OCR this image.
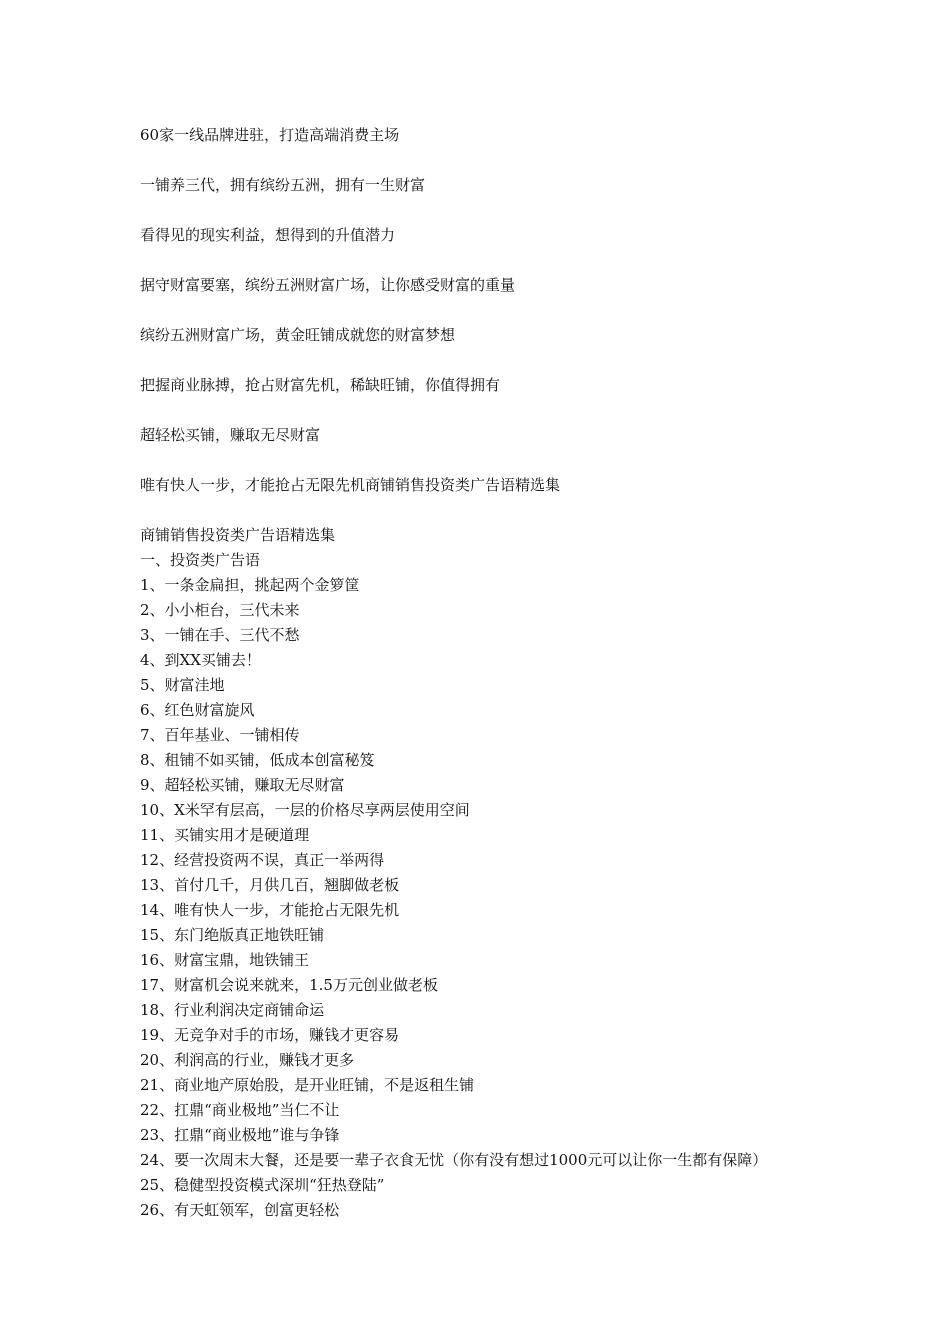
60家一线品牌进驻，打造高端消费主场
一铺养三代，拥有缤纷五洲，拥有一生财富
看得见的现实利益，想得到的升值潜力
据守财富要塞，缤纷五洲财富广场，让你感受财富的重量
缤纷五洲财富广场，黄金旺铺成就您的财富梦想
把握商业脉搏，抢占财富先机，稀缺旺铺，你值得拥有
超轻松买铺，赚取无尽财富
唯有快人一步，才能抢占无限先机商铺销售投资类广告语精选集
商铺销售投资类广告语精选集
一、投资类广告语
1、一条金扁担，挑起两个金箩筐
2、小小柜台，三代未来
3、一铺在手、三代不愁
4、到XX买铺去！
5、财富洼地
6、红色财富旋风
7、百年基业、一铺相传
8、租铺不如买铺，低成本创富秘笈
9、超轻松买铺，赚取无尽财富
10、X米罕有层高，一层的价格尽享两层使用空间
11、买铺实用才是硬道理
12、经营投资两不误，真正一举两得
13、首付几千，月供几百，翘脚做老板
14、唯有快人一步，才能抢占无限先机
15、东门绝版真正地铁旺铺
16、财富宝鼎，地铁铺王
17、财富机会说来就来，1.5万元创业做老板
18、行业利润决定商铺命运
19、无竞争对手的市场，赚钱才更容易
20、利润高的行业，赚钱才更多
21、商业地产原始股，是开业旺铺，不是返租生铺
22、扛鼎“商业极地”当仁不让
23、扛鼎“商业极地”谁与争锋
24、要一次周末大餐，还是要一辈子衣食无忧（你有没有想过1000元可以让你一生都有保障）
25、稳健型投资模式深圳“狂热登陆”
26、有天虹领军，创富更轻松
